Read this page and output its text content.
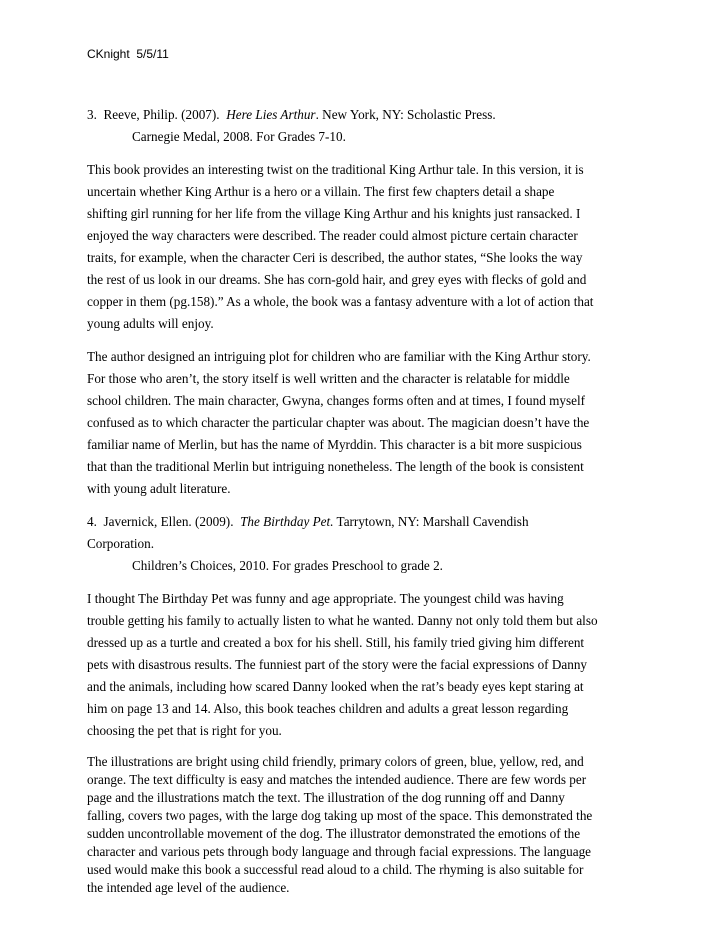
CKnight  5/5/11
3. Reeve, Philip. (2007). Here Lies Arthur. New York, NY: Scholastic Press.
Carnegie Medal, 2008. For Grades 7-10.
This book provides an interesting twist on the traditional King Arthur tale. In this version, it is
uncertain whether King Arthur is a hero or a villain. The first few chapters detail a shape
shifting girl running for her life from the village King Arthur and his knights just ransacked. I
enjoyed the way characters were described. The reader could almost picture certain character
traits, for example, when the character Ceri is described, the author states, “She looks the way
the rest of us look in our dreams. She has corn-gold hair, and grey eyes with flecks of gold and
copper in them (pg.158).” As a whole, the book was a fantasy adventure with a lot of action that
young adults will enjoy.
The author designed an intriguing plot for children who are familiar with the King Arthur story.
For those who aren’t, the story itself is well written and the character is relatable for middle
school children. The main character, Gwyna, changes forms often and at times, I found myself
confused as to which character the particular chapter was about. The magician doesn’t have the
familiar name of Merlin, but has the name of Myrddin. This character is a bit more suspicious
that than the traditional Merlin but intriguing nonetheless. The length of the book is consistent
with young adult literature.
4. Javernick, Ellen. (2009). The Birthday Pet. Tarrytown, NY: Marshall Cavendish
Corporation.
Children’s Choices, 2010. For grades Preschool to grade 2.
I thought The Birthday Pet was funny and age appropriate. The youngest child was having
trouble getting his family to actually listen to what he wanted. Danny not only told them but also
dressed up as a turtle and created a box for his shell. Still, his family tried giving him different
pets with disastrous results. The funniest part of the story were the facial expressions of Danny
and the animals, including how scared Danny looked when the rat’s beady eyes kept staring at
him on page 13 and 14. Also, this book teaches children and adults a great lesson regarding
choosing the pet that is right for you.
The illustrations are bright using child friendly, primary colors of green, blue, yellow, red, and
orange. The text difficulty is easy and matches the intended audience. There are few words per
page and the illustrations match the text. The illustration of the dog running off and Danny
falling, covers two pages, with the large dog taking up most of the space. This demonstrated the
sudden uncontrollable movement of the dog. The illustrator demonstrated the emotions of the
character and various pets through body language and through facial expressions. The language
used would make this book a successful read aloud to a child. The rhyming is also suitable for
the intended age level of the audience.
